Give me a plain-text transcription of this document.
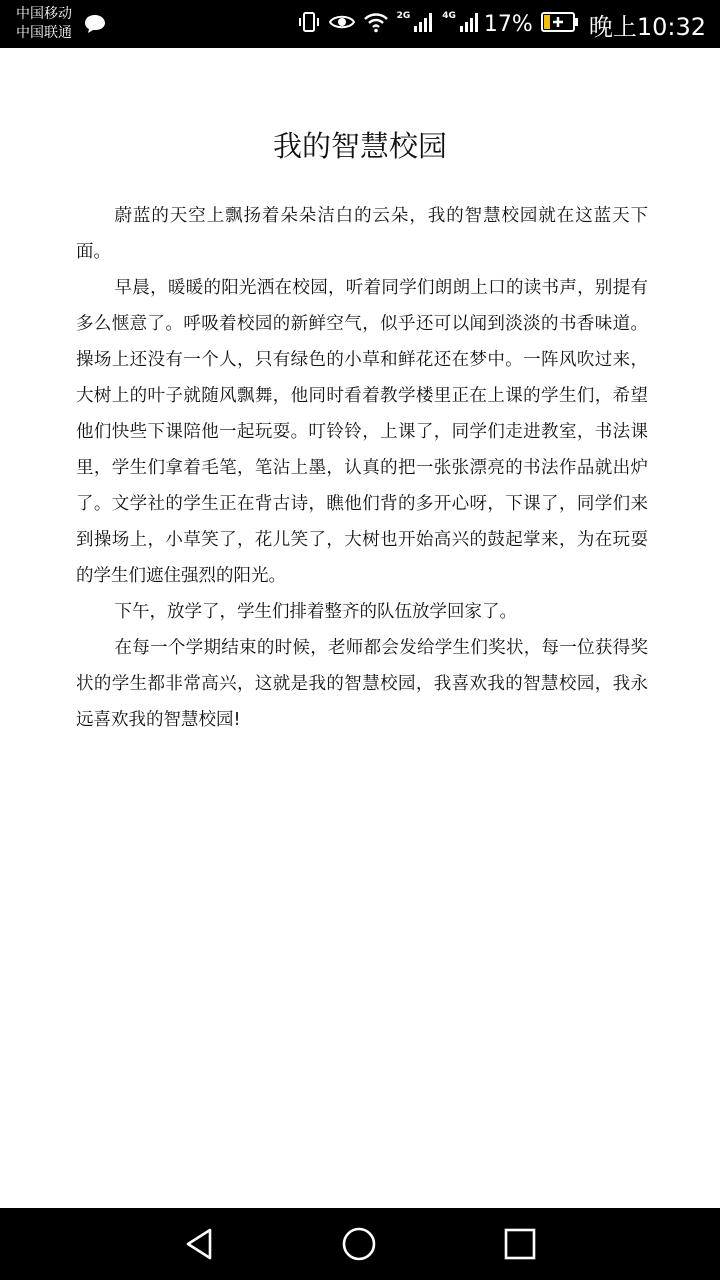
中国移动
中国联通
2G	4G 17% 晚上10:32
我的智慧校园

蔚蓝的天空上飘扬着朵朵洁白的云朵，我的智慧校园就在这蓝天下面。

早晨，暖暖的阳光洒在校园，听着同学们朗朗上口的读书声，别提有多么惬意了。呼吸着校园的新鲜空气，似乎还可以闻到淡淡的书香味道。操场上还没有一个人，只有绿色的小草和鲜花还在梦中。一阵风吹过来，大树上的叶子就随风飘舞，他同时看着教学楼里正在上课的学生们，希望他们快些下课陪他一起玩耍。叮铃铃，上课了，同学们走进教室，书法课里，学生们拿着毛笔，笔沾上墨，认真的把一张张漂亮的书法作品就出炉了。文学社的学生正在背古诗，瞧他们背的多开心呀，下课了，同学们来到操场上，小草笑了，花儿笑了，大树也开始高兴的鼓起掌来，为在玩耍的学生们遮住强烈的阳光。

下午，放学了，学生们排着整齐的队伍放学回家了。

在每一个学期结束的时候，老师都会发给学生们奖状，每一位获得奖状的学生都非常高兴，这就是我的智慧校园，我喜欢我的智慧校园，我永远喜欢我的智慧校园!
